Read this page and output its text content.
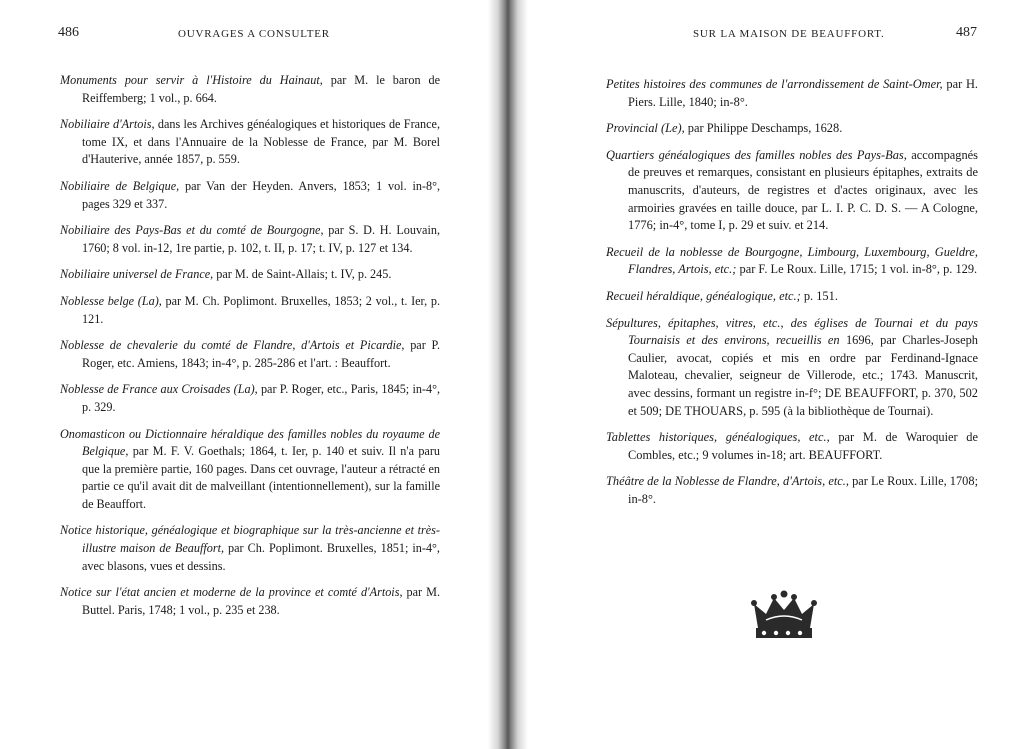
486	OUVRAGES A CONSULTER

Monuments pour servir à l'Histoire du Hainaut, par M. le baron de Reiffemberg; 1 vol., p. 664.

Nobiliaire d'Artois, dans les Archives généalogiques et historiques de France, tome IX, et dans l'Annuaire de la Noblesse de France, par M. Borel d'Hauterive, année 1857, p. 559.

Nobiliaire de Belgique, par Van der Heyden. Anvers, 1853; 1 vol. in-8°, pages 329 et 337.

Nobiliaire des Pays-Bas et du comté de Bourgogne, par S. D. H. Louvain, 1760; 8 vol. in-12, 1re partie, p. 102, t. II, p. 17; t. IV, p. 127 et 134.

Nobiliaire universel de France, par M. de Saint-Allais; t. IV, p. 245.

Noblesse belge (La), par M. Ch. Poplimont. Bruxelles, 1853; 2 vol., t. Ier, p. 121.

Noblesse de chevalerie du comté de Flandre, d'Artois et Picardie, par P. Roger, etc. Amiens, 1843; in-4°, p. 285-286 et l'art. : Beauffort.

Noblesse de France aux Croisades (La), par P. Roger, etc., Paris, 1845; in-4°, p. 329.

Onomasticon ou Dictionnaire héraldique des familles nobles du royaume de Belgique, par M. F. V. Goethals; 1864, t. Ier, p. 140 et suiv. Il n'a paru que la première partie, 160 pages. Dans cet ouvrage, l'auteur a rétracté en partie ce qu'il avait dit de malveillant (intentionnellement), sur la famille de Beauffort.

Notice historique, généalogique et biographique sur la très-ancienne et très-illustre maison de Beauffort, par Ch. Poplimont. Bruxelles, 1851; in-4°, avec blasons, vues et dessins.

Notice sur l'état ancien et moderne de la province et comté d'Artois, par M. Buttel. Paris, 1748; 1 vol., p. 235 et 238.

SUR LA MAISON DE BEAUFFORT.	487

Petites histoires des communes de l'arrondissement de Saint-Omer, par H. Piers. Lille, 1840; in-8°.

Provincial (Le), par Philippe Deschamps, 1628.

Quartiers généalogiques des familles nobles des Pays-Bas, accompagnés de preuves et remarques, consistant en plusieurs épitaphes, extraits de manuscrits, d'auteurs, de registres et d'actes originaux, avec les armoiries gravées en taille douce, par L. I. P. C. D. S. — A Cologne, 1776; in-4°, tome I, p. 29 et suiv. et 214.

Recueil de la noblesse de Bourgogne, Limbourg, Luxembourg, Gueldre, Flandres, Artois, etc.; par F. Le Roux. Lille, 1715; 1 vol. in-8°, p. 129.

Recueil héraldique, généalogique, etc.; p. 151.

Sépultures, épitaphes, vitres, etc., des églises de Tournai et du pays Tournaisis et des environs, recueillis en 1696, par Charles-Joseph Caulier, avocat, copiés et mis en ordre par Ferdinand-Ignace Maloteau, chevalier, seigneur de Villerode, etc.; 1743. Manuscrit, avec dessins, formant un registre in-f°; DE BEAUFFORT, p. 370, 502 et 509; DE THOUARS, p. 595 (à la bibliothèque de Tournai).

Tablettes historiques, généalogiques, etc., par M. de Waroquier de Combles, etc.; 9 volumes in-18; art. BEAUFFORT.

Théâtre de la Noblesse de Flandre, d'Artois, etc., par Le Roux. Lille, 1708; in-8°.
